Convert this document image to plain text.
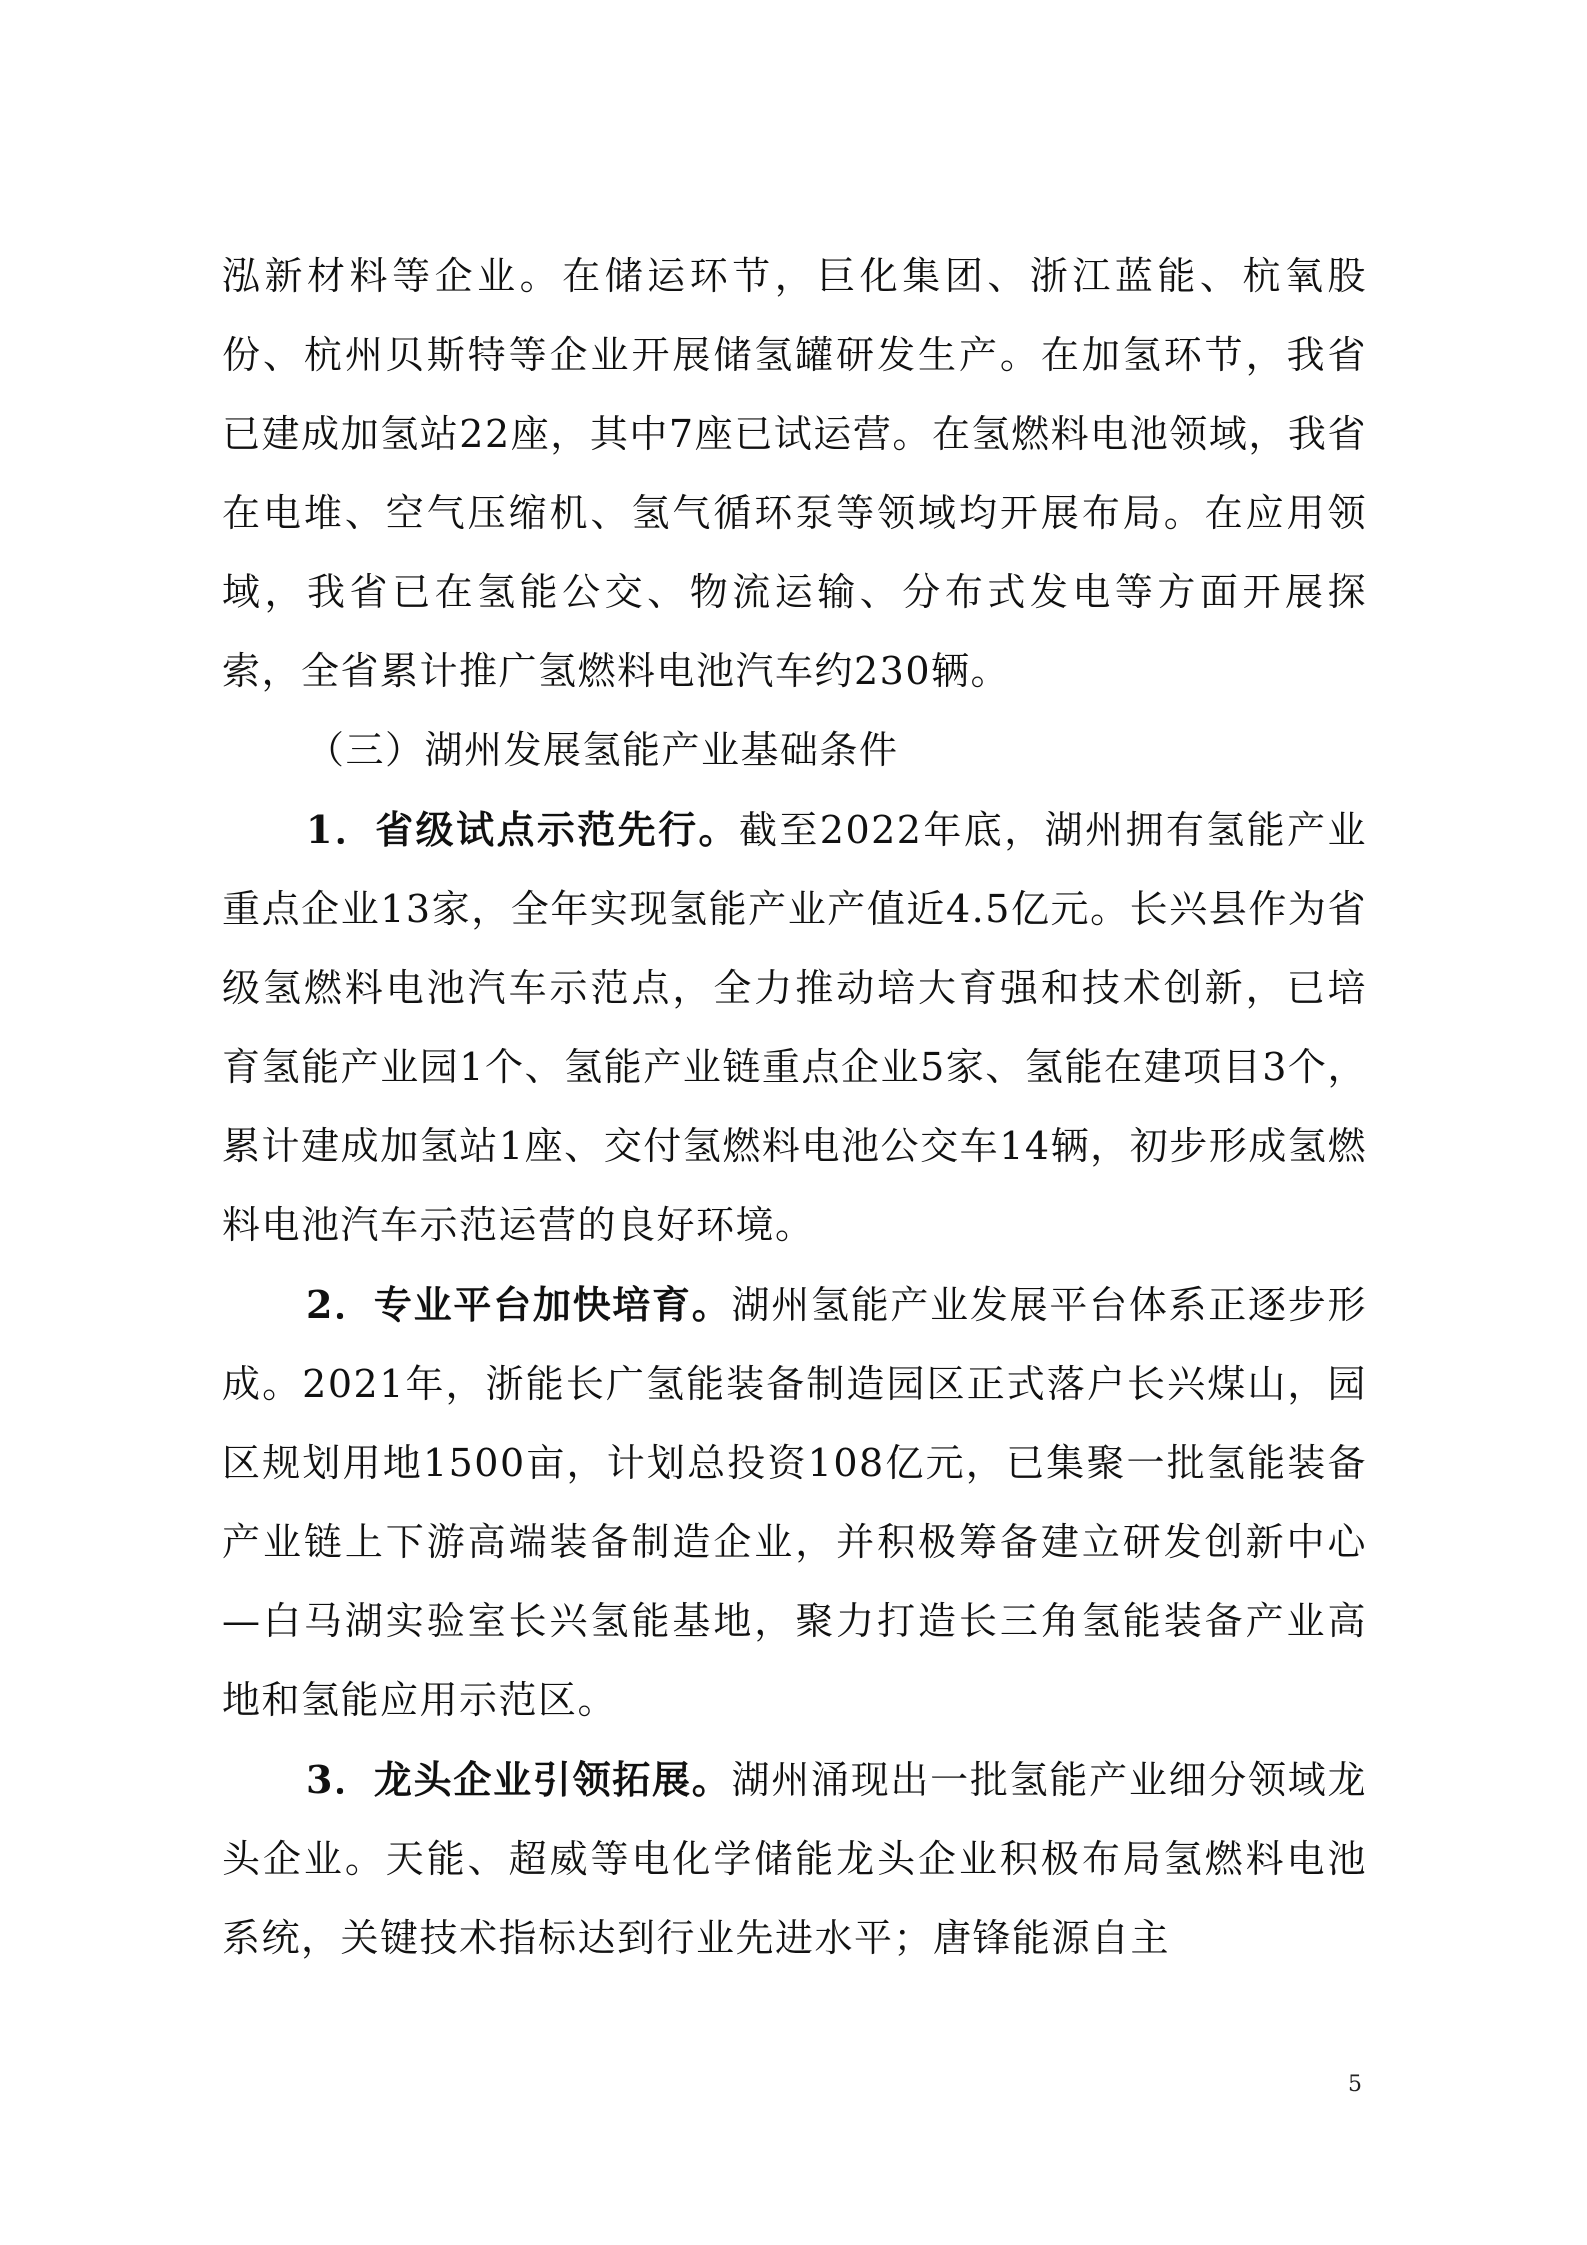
泓新材料等企业。在储运环节，巨化集团、浙江蓝能、杭氧股份、杭州贝斯特等企业开展储氢罐研发生产。在加氢环节，我省已建成加氢站22座，其中7座已试运营。在氢燃料电池领域，我省在电堆、空气压缩机、氢气循环泵等领域均开展布局。在应用领域，我省已在氢能公交、物流运输、分布式发电等方面开展探索，全省累计推广氢燃料电池汽车约230辆。

（三）湖州发展氢能产业基础条件

1．省级试点示范先行。截至2022年底，湖州拥有氢能产业重点企业13家，全年实现氢能产业产值近4.5亿元。长兴县作为省级氢燃料电池汽车示范点，全力推动培大育强和技术创新，已培育氢能产业园1个、氢能产业链重点企业5家、氢能在建项目3个，累计建成加氢站1座、交付氢燃料电池公交车14辆，初步形成氢燃料电池汽车示范运营的良好环境。

2．专业平台加快培育。湖州氢能产业发展平台体系正逐步形成。2021年，浙能长广氢能装备制造园区正式落户长兴煤山，园区规划用地1500亩，计划总投资108亿元，已集聚一批氢能装备产业链上下游高端装备制造企业，并积极筹备建立研发创新中心—白马湖实验室长兴氢能基地，聚力打造长三角氢能装备产业高地和氢能应用示范区。

3．龙头企业引领拓展。湖州涌现出一批氢能产业细分领域龙头企业。天能、超威等电化学储能龙头企业积极布局氢燃料电池系统，关键技术指标达到行业先进水平；唐锋能源自主

5
